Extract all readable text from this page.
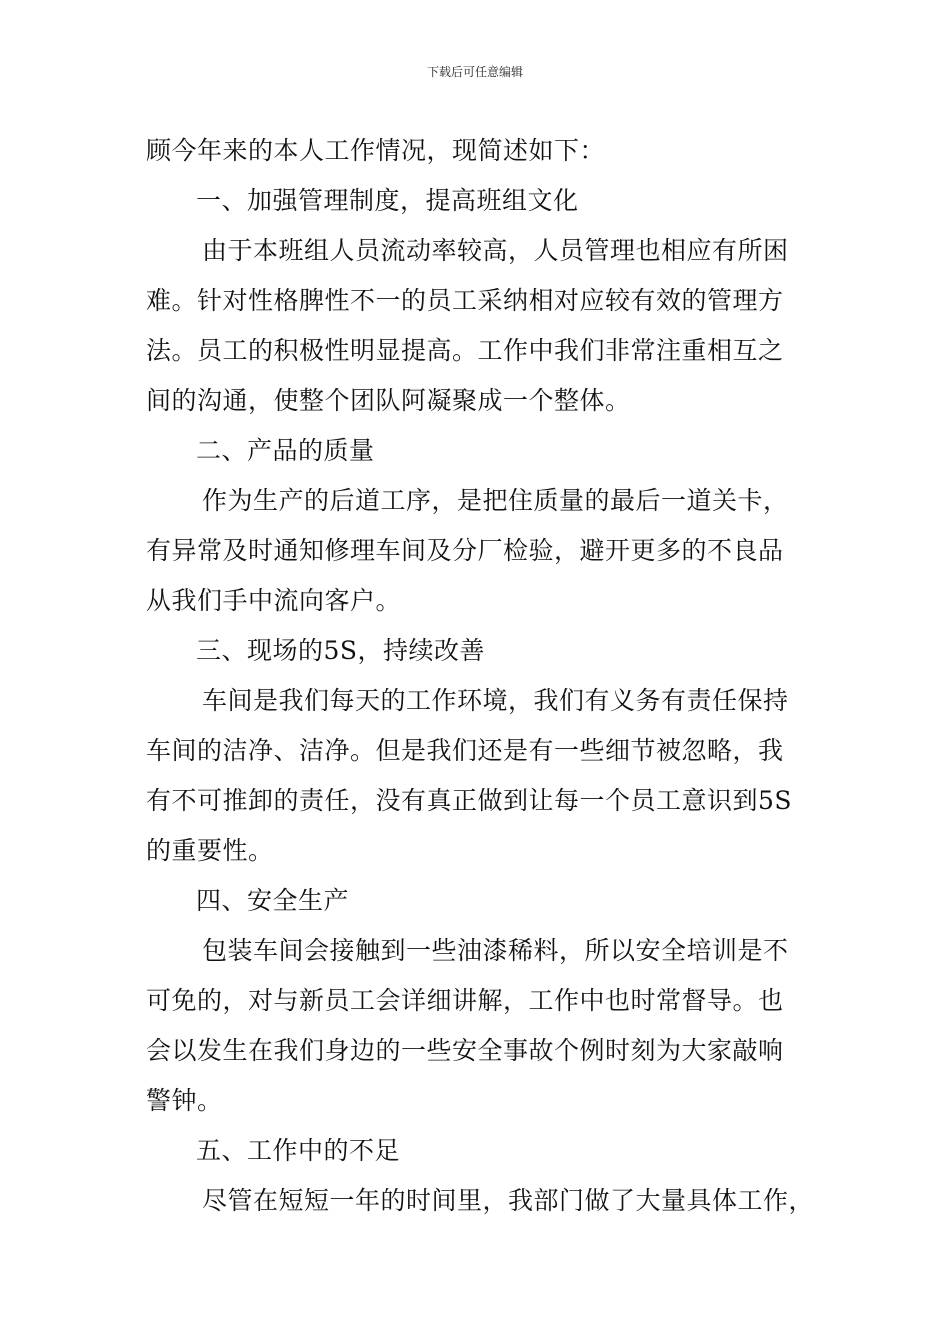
下载后可任意编辑
顾今年来的本人工作情况，现简述如下：
一、加强管理制度，提高班组文化
由于本班组人员流动率较高，人员管理也相应有所困
难。针对性格脾性不一的员工采纳相对应较有效的管理方
法。员工的积极性明显提高。工作中我们非常注重相互之
间的沟通，使整个团队阿凝聚成一个整体。
二、产品的质量
作为生产的后道工序，是把住质量的最后一道关卡，
有异常及时通知修理车间及分厂检验，避开更多的不良品
从我们手中流向客户。
三、现场的5S，持续改善
车间是我们每天的工作环境，我们有义务有责任保持
车间的洁净、洁净。但是我们还是有一些细节被忽略，我
有不可推卸的责任，没有真正做到让每一个员工意识到5S
的重要性。
四、安全生产
包装车间会接触到一些油漆稀料，所以安全培训是不
可免的，对与新员工会详细讲解，工作中也时常督导。也
会以发生在我们身边的一些安全事故个例时刻为大家敲响
警钟。
五、工作中的不足
尽管在短短一年的时间里，我部门做了大量具体工作，
